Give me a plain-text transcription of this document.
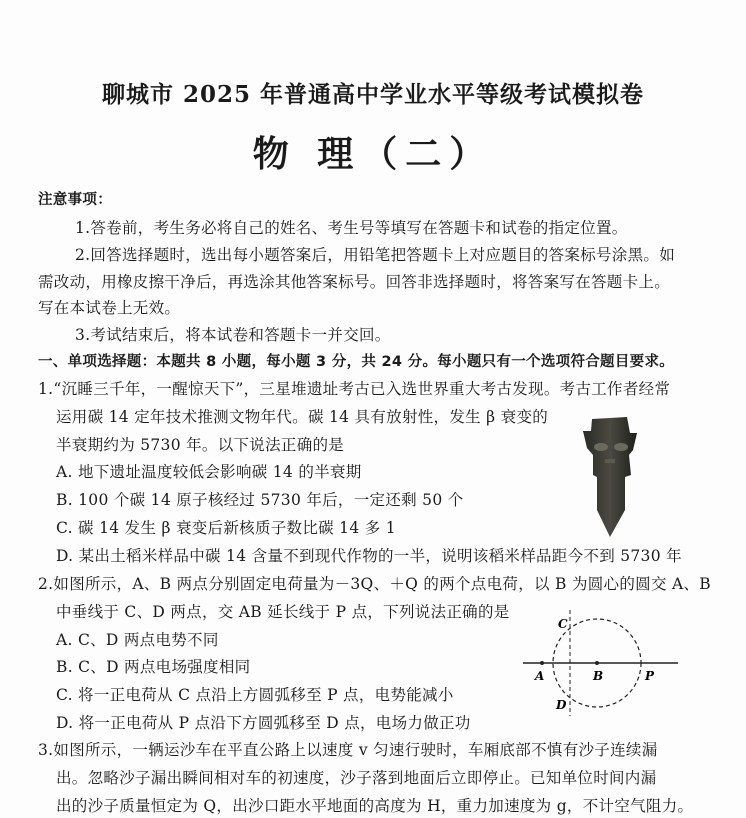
聊城市 2025 年普通高中学业水平等级考试模拟卷
物 理（二）
注意事项：
1.答卷前，考生务必将自己的姓名、考生号等填写在答题卡和试卷的指定位置。
2.回答选择题时，选出每小题答案后，用铅笔把答题卡上对应题目的答案标号涂黑。如
需改动，用橡皮擦干净后，再选涂其他答案标号。回答非选择题时，将答案写在答题卡上。
写在本试卷上无效。
3.考试结束后，将本试卷和答题卡一并交回。
一、单项选择题：本题共 8 小题，每小题 3 分，共 24 分。每小题只有一个选项符合题目要求。
1.“沉睡三千年，一醒惊天下”，三星堆遗址考古已入选世界重大考古发现。考古工作者经常
运用碳 14 定年技术推测文物年代。碳 14 具有放射性，发生 β 衰变的
半衰期约为 5730 年。以下说法正确的是
A. 地下遗址温度较低会影响碳 14 的半衰期
B. 100 个碳 14 原子核经过 5730 年后，一定还剩 50 个
C. 碳 14 发生 β 衰变后新核质子数比碳 14 多 1
D. 某出土稻米样品中碳 14 含量不到现代作物的一半，说明该稻米样品距今不到 5730 年
2.如图所示，A、B 两点分别固定电荷量为－3Q、＋Q 的两个点电荷，以 B 为圆心的圆交 A、B
中垂线于 C、D 两点，交 AB 延长线于 P 点，下列说法正确的是
A. C、D 两点电势不同
B. C、D 两点电场强度相同
C. 将一正电荷从 C 点沿上方圆弧移至 P 点，电势能减小
D. 将一正电荷从 P 点沿下方圆弧移至 D 点，电场力做正功
A	B	P
C
D
3.如图所示，一辆运沙车在平直公路上以速度 v 匀速行驶时，车厢底部不慎有沙子连续漏
出。忽略沙子漏出瞬间相对车的初速度，沙子落到地面后立即停止。已知单位时间内漏
出的沙子质量恒定为 Q，出沙口距水平地面的高度为 H，重力加速度为 g，不计空气阻力。
